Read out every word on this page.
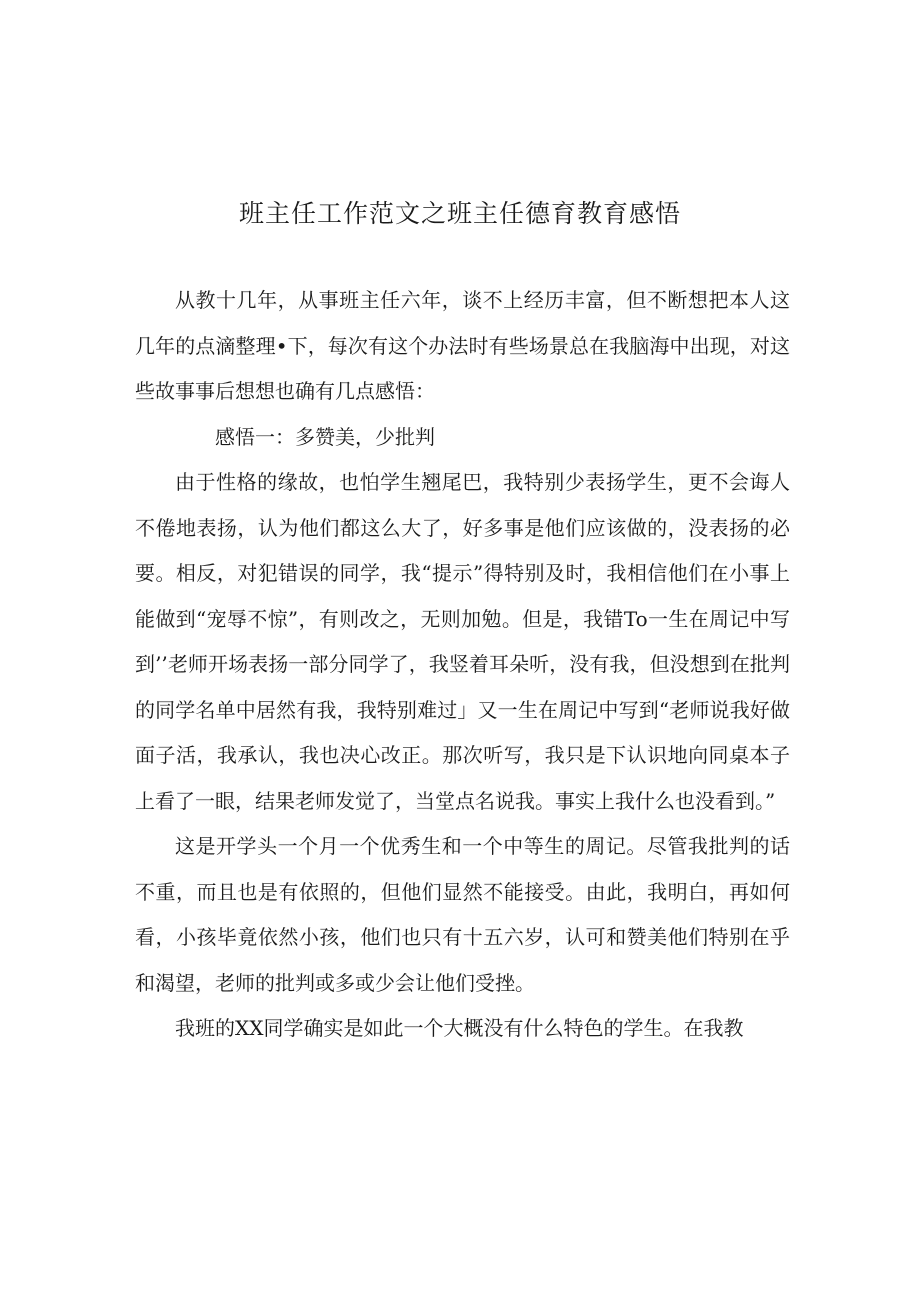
班主任工作范文之班主任德育教育感悟

从教十几年，从事班主任六年，谈不上经历丰富，但不断想把本人这几年的点滴整理•下，每次有这个办法时有些场景总在我脑海中出现，对这些故事事后想想也确有几点感悟：

感悟一：多赞美，少批判

由于性格的缘故，也怕学生翘尾巴，我特别少表扬学生，更不会诲人不倦地表扬，认为他们都这么大了，好多事是他们应该做的，没表扬的必要。相反，对犯错误的同学，我“提示”得特别及时，我相信他们在小事上能做到“宠辱不惊”，有则改之，无则加勉。但是，我错To一生在周记中写到’’老师开场表扬一部分同学了，我竖着耳朵听，没有我，但没想到在批判的同学名单中居然有我，我特别难过」又一生在周记中写到“老师说我好做面子活，我承认，我也决心改正。那次听写，我只是下认识地向同桌本子上看了一眼，结果老师发觉了，当堂点名说我。事实上我什么也没看到。”

这是开学头一个月一个优秀生和一个中等生的周记。尽管我批判的话不重，而且也是有依照的，但他们显然不能接受。由此，我明白，再如何看，小孩毕竟依然小孩，他们也只有十五六岁，认可和赞美他们特别在乎和渴望，老师的批判或多或少会让他们受挫。

我班的XX同学确实是如此一个大概没有什么特色的学生。在我教
